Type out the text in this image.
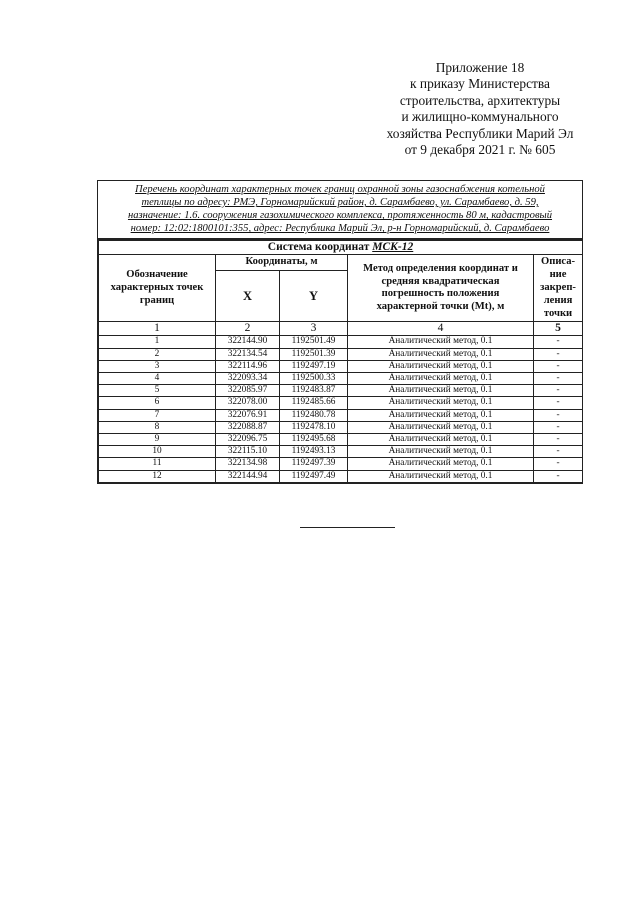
Приложение 18
к приказу Министерства
строительства, архитектуры
и жилищно-коммунального
хозяйства Республики Марий Эл
от 9 декабря 2021 г. № 605
Перечень координат характерных точек границ охранной зоны газоснабжения котельной
теплицы по адресу: РМЭ, Горномарийский район, д. Сарамбаево, ул. Сарамбаево, д. 59,
назначение: 1.6. сооружения газохимического комплекса, протяженность 80 м, кадастровый
номер: 12:02:1800101:355, адрес: Республика Марий Эл, р-н Горномарийский, д. Сарамбаево
Система координат МСК-12				
Обозначение характерных точек границ	Координаты, м		Метод определения координат и средняя квадратическая погрешность положения характерной точки (Mt), м	Описа-ние закреп-ления точки
	X	Y		
1	2	3	4	5
1	322144.90	1192501.49	Аналитический метод, 0.1	-
2	322134.54	1192501.39	Аналитический метод, 0.1	-
3	322114.96	1192497.19	Аналитический метод, 0.1	-
4	322093.34	1192500.33	Аналитический метод, 0.1	-
5	322085.97	1192483.87	Аналитический метод, 0.1	-
6	322078.00	1192485.66	Аналитический метод, 0.1	-
7	322076.91	1192480.78	Аналитический метод, 0.1	-
8	322088.87	1192478.10	Аналитический метод, 0.1	-
9	322096.75	1192495.68	Аналитический метод, 0.1	-
10	322115.10	1192493.13	Аналитический метод, 0.1	-
11	322134.98	1192497.39	Аналитический метод, 0.1	-
12	322144.94	1192497.49	Аналитический метод, 0.1	-
